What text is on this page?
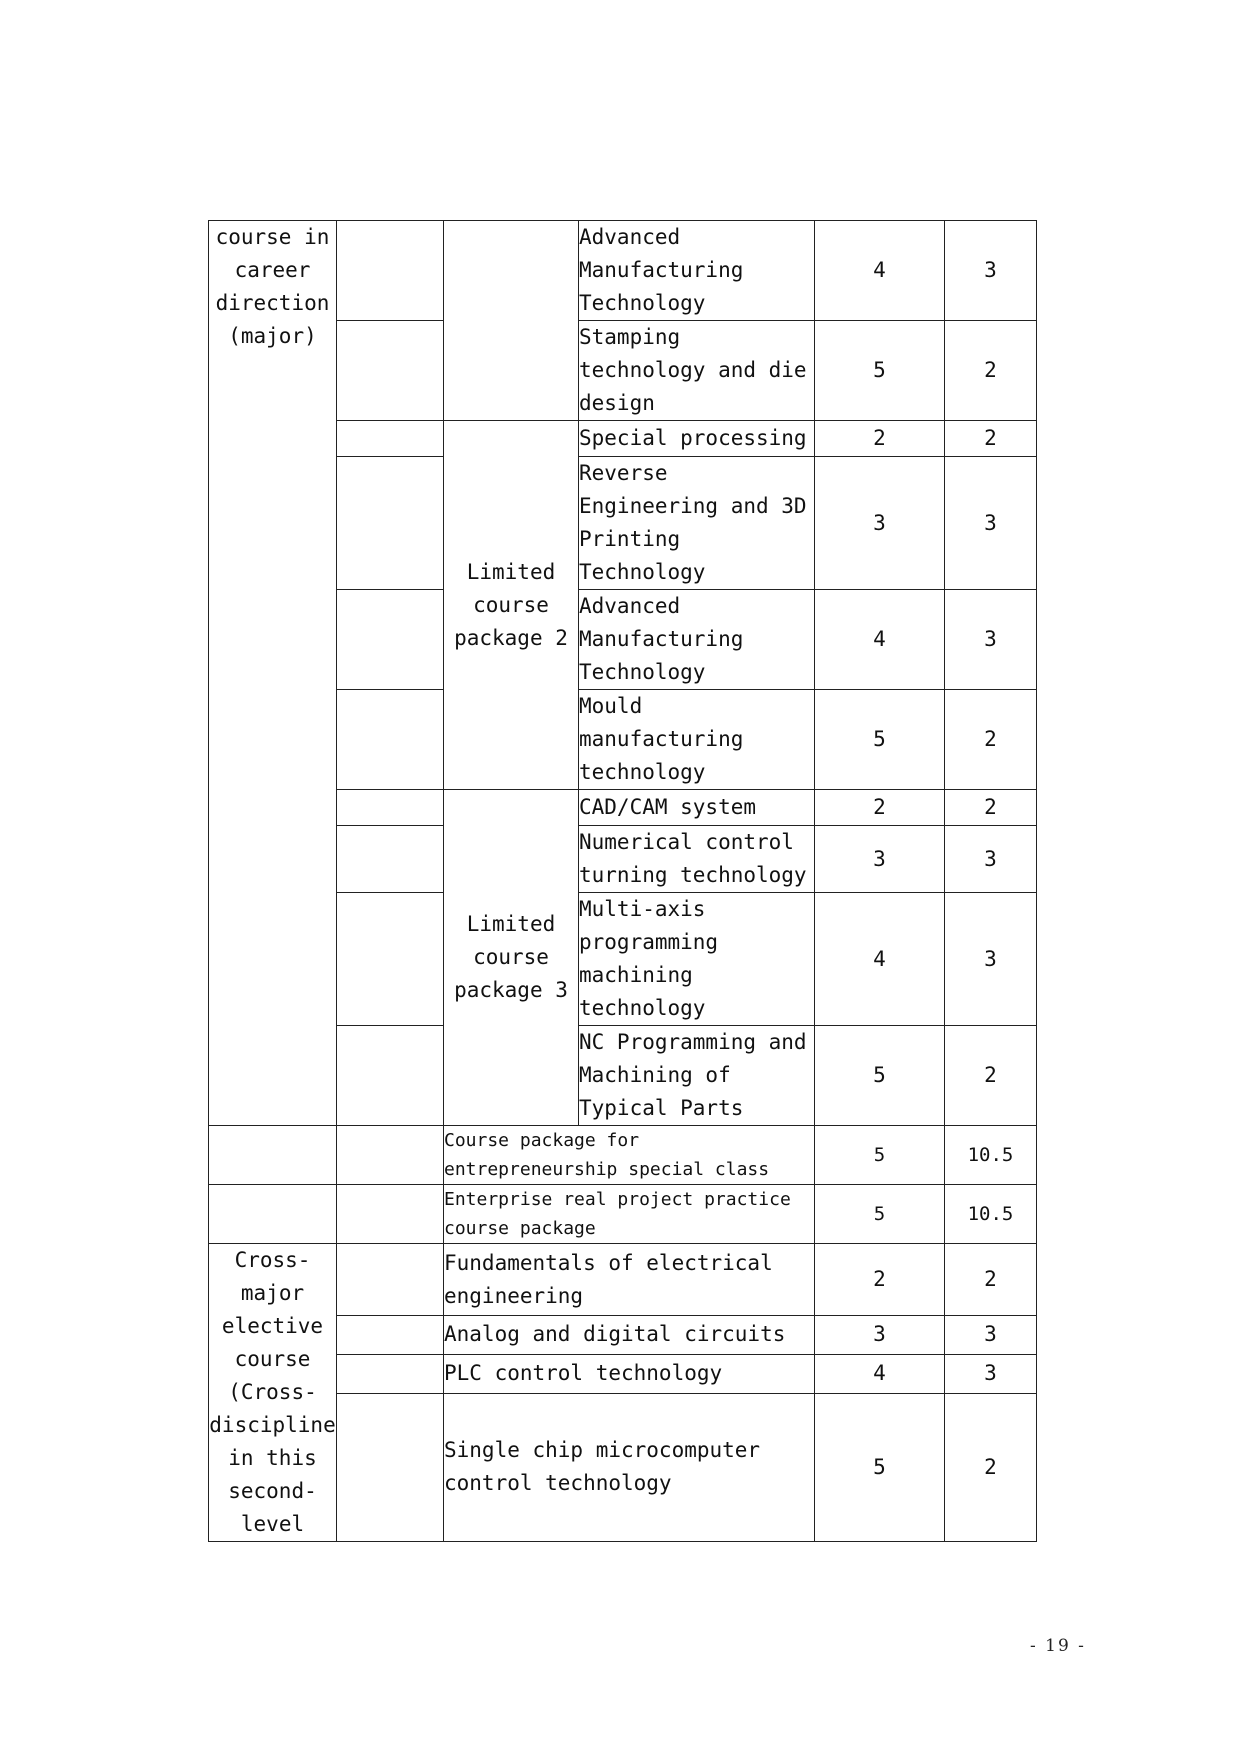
course in career direction (major)			Advanced Manufacturing Technology	4	3
			Stamping technology and die design	5	2
		Limited course package 2	Special processing	2	2
			Reverse Engineering and 3D Printing Technology	3	3
			Advanced Manufacturing Technology	4	3
			Mould manufacturing technology	5	2
		Limited course package 3	CAD/CAM system	2	2
			Numerical control turning technology	3	3
			Multi-axis programming machining technology	4	3
			NC Programming and Machining of Typical Parts	5	2
		Course package for entrepreneurship special class		5	10.5
		Enterprise real project practice course package		5	10.5
Cross-major elective course (Cross-discipline in this second-level		Fundamentals of electrical engineering		2	2
		Analog and digital circuits		3	3
		PLC control technology		4	3
		Single chip microcomputer control technology		5	2
- 19 -
